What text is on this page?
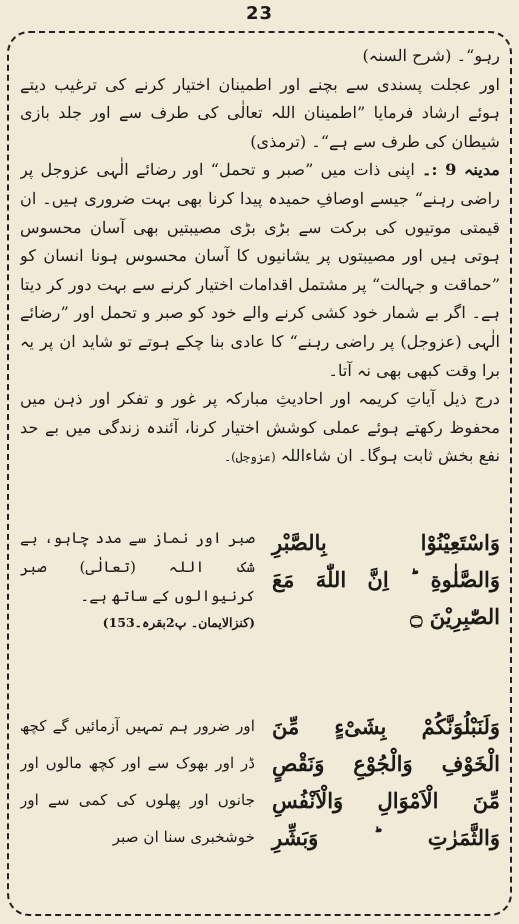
23

رہو“۔ (شرح السنہ)

اور عجلت پسندی سے بچنے اور اطمینان اختیار کرنے کی ترغیب دیتے ہوئے ارشاد فرمایا ”اطمینان اللہ تعالٰی کی طرف سے اور جلد بازی شیطان کی طرف سے ہے“۔ (ترمذی)

مدینہ 9 :۔ اپنی ذات میں ”صبر و تحمل“ اور رضائے الٰہی عزوجل پر راضی رہنے“ جیسے اوصافِ حمیدہ پیدا کرنا بھی بہت ضروری ہیں۔ ان قیمتی موتیوں کی برکت سے بڑی بڑی مصیبتیں بھی آسان محسوس ہوتی ہیں اور مصیبتوں پر یشانیوں کا آسان محسوس ہونا انسان کو ”حماقت و جہالت“ پر مشتمل اقدامات اختیار کرنے سے بہت دور کر دیتا ہے۔ اگر بے شمار خود کشی کرنے والے خود کو صبر و تحمل اور ”رضائے الٰہی (عزوجل) پر راضی رہنے“ کا عادی بنا چکے ہوتے تو شاید ان پر یہ برا وقت کبھی بھی نہ آتا۔

درج ذیل آیاتِ کریمہ اور احادیثِ مبارکہ پر غور و تفکر اور ذہن میں محفوظ رکھتے ہوئے عملی کوشش اختیار کرنا، آئندہ زندگی میں بے حد نفع بخش ثابت ہوگا۔ ان شاءاللہ (عزوجل)۔

وَاسْتَعِيْنُوْا بِالصَّبْرِ
وَالصَّلٰوةِ ؕ اِنَّ اللّٰهَ مَعَ
الصّٰبِرِيْنَ ۝
صبر اور نماز سے مدد چاہو، بے شک اللہ (تعالٰی) صبر کرنیوالوں کے ساتھ ہے۔
(کنزالایمان۔ پ2بقرہ۔153)
وَلَنَبْلُوَنَّكُمْ بِشَیْءٍ مِّنَ
الْخَوْفِ وَالْجُوْعِ وَنَقْصٍ
مِّنَ الْاَمْوَالِ وَالْاَنْفُسِ
وَالثَّمَرٰتِ ؕ وَبَشِّرِ
اور ضرور ہم تمہیں آزمائیں گے کچھ ڈر اور بھوک سے اور کچھ مالوں اور جانوں اور پھلوں کی کمی سے اور خوشخبری سنا ان صبر
